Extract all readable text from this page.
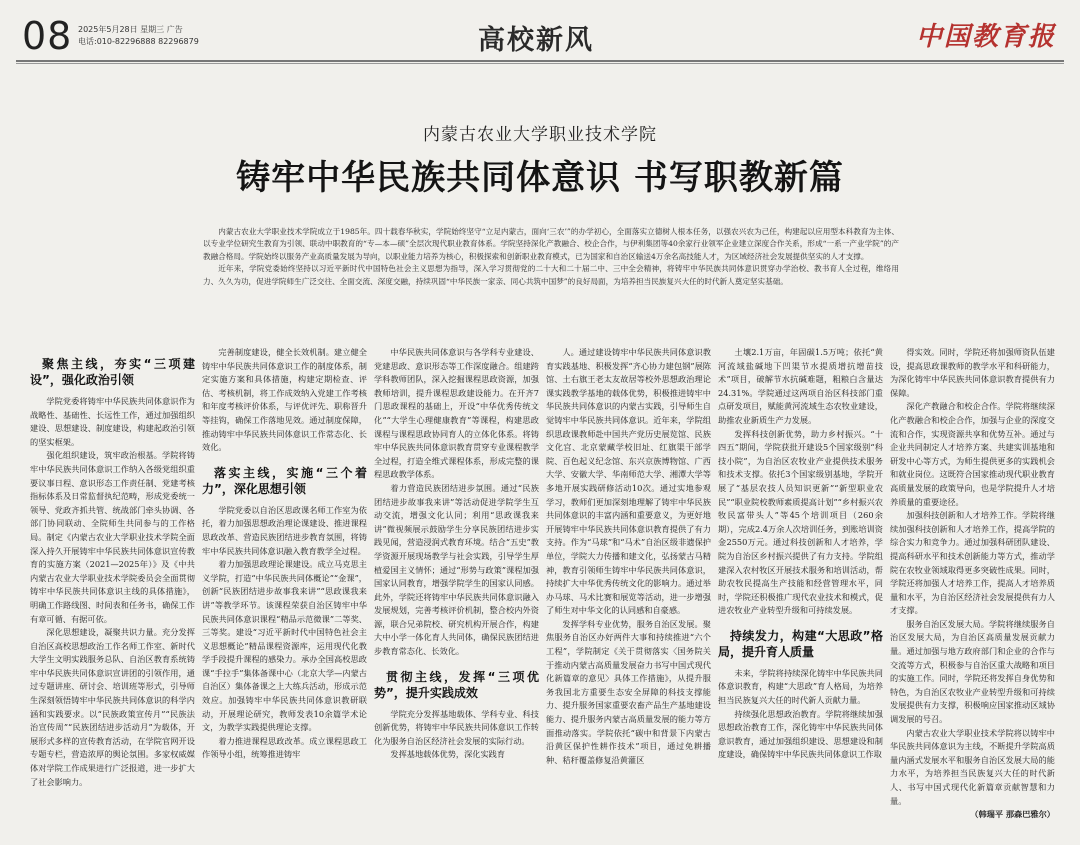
08 2025年5月28日 星期三 广告
电话:010-82296888 82296879	高校新风	中国教育报
内蒙古农业大学职业技术学院
铸牢中华民族共同体意识 书写职教新篇

内蒙古农业大学职业技术学院成立于1985年。四十载春华秋实，学院始终坚守“立足内蒙古，面向‘三农’”的办学初心，全面落实立德树人根本任务，以强农兴农为己任，构建起以应用型本科教育为主体、以专业学位研究生教育为引领、联动中职教育的“专—本—硕”全层次现代职业教育体系。学院坚持深化产教融合、校企合作，与伊利集团等40余家行业领军企业建立深度合作关系，形成“一系一产业学院”的产教融合格局。学院始终以服务产业高质量发展为导向，以职业能力培养为核心，积极探索和创新职业教育模式，已为国家和自治区输送4万余名高技能人才，为区域经济社会发展提供坚实的人才支撑。

近年来，学院党委始终坚持以习近平新时代中国特色社会主义思想为指导，深入学习贯彻党的二十大和二十届二中、三中全会精神，将铸牢中华民族共同体意识贯穿办学治校、教书育人全过程，维络用力、久久为功，促进学院师生广泛交往、全面交流、深度交融，持续巩固“中华民族一家亲、同心共筑中国梦”的良好局面，为培养担当民族复兴大任的时代新人奠定坚实基础。

聚焦主线，夯实“三项建设”，强化政治引领

学院党委将铸牢中华民族共同体意识作为战略性、基础性、长远性工作，通过加强组织建设、思想建设、制度建设，构建起政治引领的坚实框架。

强化组织建设，筑牢政治根基。学院将铸牢中华民族共同体意识工作纳入各级党组织重要议事日程、意识形态工作责任制、党建考核指标体系及日常监督执纪范畴，形成党委统一领导、党政齐抓共管、统战部门牵头协调、各部门协同联动、全院师生共同参与的工作格局。制定《内蒙古农业大学职业技术学院全面深入持久开展铸牢中华民族共同体意识宣传教育的实施方案（2021—2025年）》及《中共内蒙古农业大学职业技术学院委员会全面贯彻铸牢中华民族共同体意识主线的具体措施》，明确工作路线图、时间表和任务书，确保工作有章可循、有据可依。

深化思想建设，凝聚共识力量。充分发挥自治区高校思想政治工作名师工作室、新时代大学生文明实践服务总队、自治区教育系统铸牢中华民族共同体意识宣讲团的引领作用，通过专题讲座、研讨会、培训班等形式，引导师生深刻领悟铸牢中华民族共同体意识的科学内涵和实践要求。以“民族政策宣传月”“民族法治宣传周”“民族团结进步活动月”为载体，开展形式多样的宣传教育活动，在学院官网开设专题专栏，营造浓厚的舆论氛围。多家权威媒体对学院工作成果进行广泛报道，进一步扩大了社会影响力。

完善制度建设，健全长效机制。建立健全铸牢中华民族共同体意识工作的制度体系，制定实施方案和具体措施，构建定期检查、评估、考核机制，将工作成效纳入党建工作考核和年度考核评价体系，与评优评先、职称晋升等挂钩，确保工作落地见效。通过制度保障，推动铸牢中华民族共同体意识工作常态化、长效化。

落实主线，实施“三个着力”，深化思想引领

学院党委以自治区思政课名师工作室为依托，着力加强思想政治理论课建设、推进课程思政改革、营造民族团结进步教育氛围，将铸牢中华民族共同体意识融入教育教学全过程。

着力加强思政理论课建设。成立马克思主义学院，打造“中华民族共同体概论”“金课”，创新“民族团结进步故事我来讲”“思政课我来讲”等教学环节。该课程荣获自治区铸牢中华民族共同体意识课程“精品示范微课”二等奖、三等奖。建设“习近平新时代中国特色社会主义思想概论”精品课程资源库，运用现代化教学手段提升课程的感染力。承办全国高校思政课“手拉手”集体备课中心（北京大学—内蒙古自治区）集体备课之上大练兵活动，形成示范效应。加强铸牢中华民族共同体意识教研联动，开展理论研究，教师发表10余篇学术论文，为教学实践提供理论支撑。

着力推进课程思政改革。成立课程思政工作领导小组，统筹推进铸牢

中华民族共同体意识与各学科专业建设、党建思政、意识形态等工作深度融合。组建跨学科教师团队，深入挖掘课程思政资源，加强教师培训，提升课程思政建设能力。在开齐7门思政课程的基础上，开设“中华优秀传统文化”“大学生心理健康教育”等课程，构建思政课程与课程思政协同育人的立体化体系。将铸牢中华民族共同体意识教育贯穿专业课程教学全过程，打造全维式课程体系，形成完整的课程思政教学体系。

着力营造民族团结进步氛围。通过“民族团结进步故事我来讲”等活动促进学院学生互动交流，增强文化认同；利用“思政课我来讲”微视频展示鼓励学生分享民族团结进步实践见闻，营造浸润式教育环境。结合“五史”教学资源开展现场教学与社会实践，引导学生厚植爱国主义情怀；通过“形势与政策”课程加强国家认同教育，增强学院学生的国家认同感。此外，学院还将铸牢中华民族共同体意识融入发展规划，完善考核评价机制，整合校内外资源，联合兄弟院校、研究机构开展合作，构建大中小学一体化育人共同体，确保民族团结进步教育常态化、长效化。

贯彻主线，发挥“三项优势”，提升实践成效

学院充分发挥基地载体、学科专业、科技创新优势，将铸牢中华民族共同体意识工作转化为服务自治区经济社会发展的实际行动。

发挥基地载体优势，深化实践育

人。通过建设铸牢中华民族共同体意识教育实践基地、积极发挥“齐心协力建包钢”展陈馆、土右旗王老太友故居等校外思想政治理论课实践教学基地的载体优势，积极推进铸牢中华民族共同体意识的内蒙古实践，引导师生自觉铸牢中华民族共同体意识。近年来，学院组织思政课教师赴中国共产党历史展览馆、民族文化宫、北京蒙藏学校旧址、红旗渠干部学院、百色起义纪念馆、东兴京族博物馆、广西大学、安徽大学、华南师范大学、湘潭大学等多地开展实践研修活动10次。通过实地参观学习，教师们更加深刻地理解了铸牢中华民族共同体意识的丰富内涵和重要意义，为更好地开展铸牢中华民族共同体意识教育提供了有力支持。作为“马球”和“马术”自治区级非遗保护单位，学院大力传播和建文化，弘扬蒙古马精神，教育引领师生铸牢中华民族共同体意识，持续扩大中华优秀传统文化的影响力。通过举办马球、马术比赛和展览等活动，进一步增强了师生对中华文化的认同感和自豪感。

发挥学科专业优势，服务自治区发展。聚焦服务自治区办好两件大事和持续推进“六个工程”，学院制定《关于贯彻落实〈国务院关于推动内蒙古高质量发展奋力书写中国式现代化新篇章的意见〉具体工作措施》，从提升服务我国北方重要生态安全屏障的科技支撑能力、提升服务国家重要农畜产品生产基地建设能力、提升服务内蒙古高质量发展的能力等方面推动落实。学院依托“碳中和背景下内蒙古沿黄区保护性耕作技术”项目，通过免耕播种、秸秆覆盖修复沿黄灌区

土壤2.1万亩，年固碳1.5万吨；依托“黄河流域盐碱地下凹渠节水提质增抗增苗技术”项目，破解节水抗碱难题，粗粮白含量达24.31%。学院通过这两项自治区科技部门重点研发项目，赋能黄河流域生态农牧业建设，助推农业新质生产力发展。

发挥科技创新优势，助力乡村振兴。“十四五”期间，学院获批开建设5个国家级别“科技小院”，为自治区农牧业产业提供技术服务和技术支撑。依托3个国家级别基地，学院开展了“基层农技人员知识更新”“新型职业农民”“职业院校教师素质提高计划”“乡村振兴农牧民富带头人”等45个培训项目（260余期），完成2.4万余人次培训任务，到账培训资金2550万元。通过科技创新和人才培养，学院为自治区乡村振兴提供了有力支持。学院组建深入农村牧区开展技术服务和培训活动，帮助农牧民提高生产技能和经营管理水平，同时，学院还积极推广现代农业技术和模式，促进农牧业产业转型升级和可持续发展。

持续发力，构建“大思政”格局，提升育人质量

未来，学院将持续深化铸牢中华民族共同体意识教育，构建“大思政”育人格局，为培养担当民族复兴大任的时代新人贡献力量。

持续强化思想政治教育。学院将继续加强思想政治教育工作，深化铸牢中华民族共同体意识教育，通过加强组织建设、思想建设和制度建设，确保铸牢中华民族共同体意识工作取

得实效。同时，学院还将加强师资队伍建设，提高思政课教师的教学水平和科研能力，为深化铸牢中华民族共同体意识教育提供有力保障。

深化产教融合和校企合作。学院将继续深化产教融合和校企合作，加强与企业的深度交流和合作，实现资源共享和优势互补。通过与企业共同制定人才培养方案、共建实训基地和研发中心等方式，为师生提供更多的实践机会和就业岗位。这既符合国家推动现代职业教育高质量发展的政策导向，也是学院提升人才培养质量的重要途径。

加强科技创新和人才培养工作。学院将继续加强科技创新和人才培养工作，提高学院的综合实力和竞争力。通过加强科研团队建设、提高科研水平和技术创新能力等方式，推动学院在农牧业领域取得更多突破性成果。同时，学院还将加强人才培养工作，提高人才培养质量和水平，为自治区经济社会发展提供有力人才支撑。

服务自治区发展大局。学院将继续服务自治区发展大局，为自治区高质量发展贡献力量。通过加强与地方政府部门和企业的合作与交流等方式，积极参与自治区重大战略和项目的实施工作。同时，学院还将发挥自身优势和特色，为自治区农牧业产业转型升级和可持续发展提供有力支撑，积极响应国家推动区域协调发展的号召。

内蒙古农业大学职业技术学院将以铸牢中华民族共同体意识为主线，不断提升学院高质量内涵式发展水平和服务自治区发展大局的能力水平，为培养担当民族复兴大任的时代新人、书写中国式现代化新篇章贡献智慧和力量。

（韩瑞平 那森巴雅尔）
